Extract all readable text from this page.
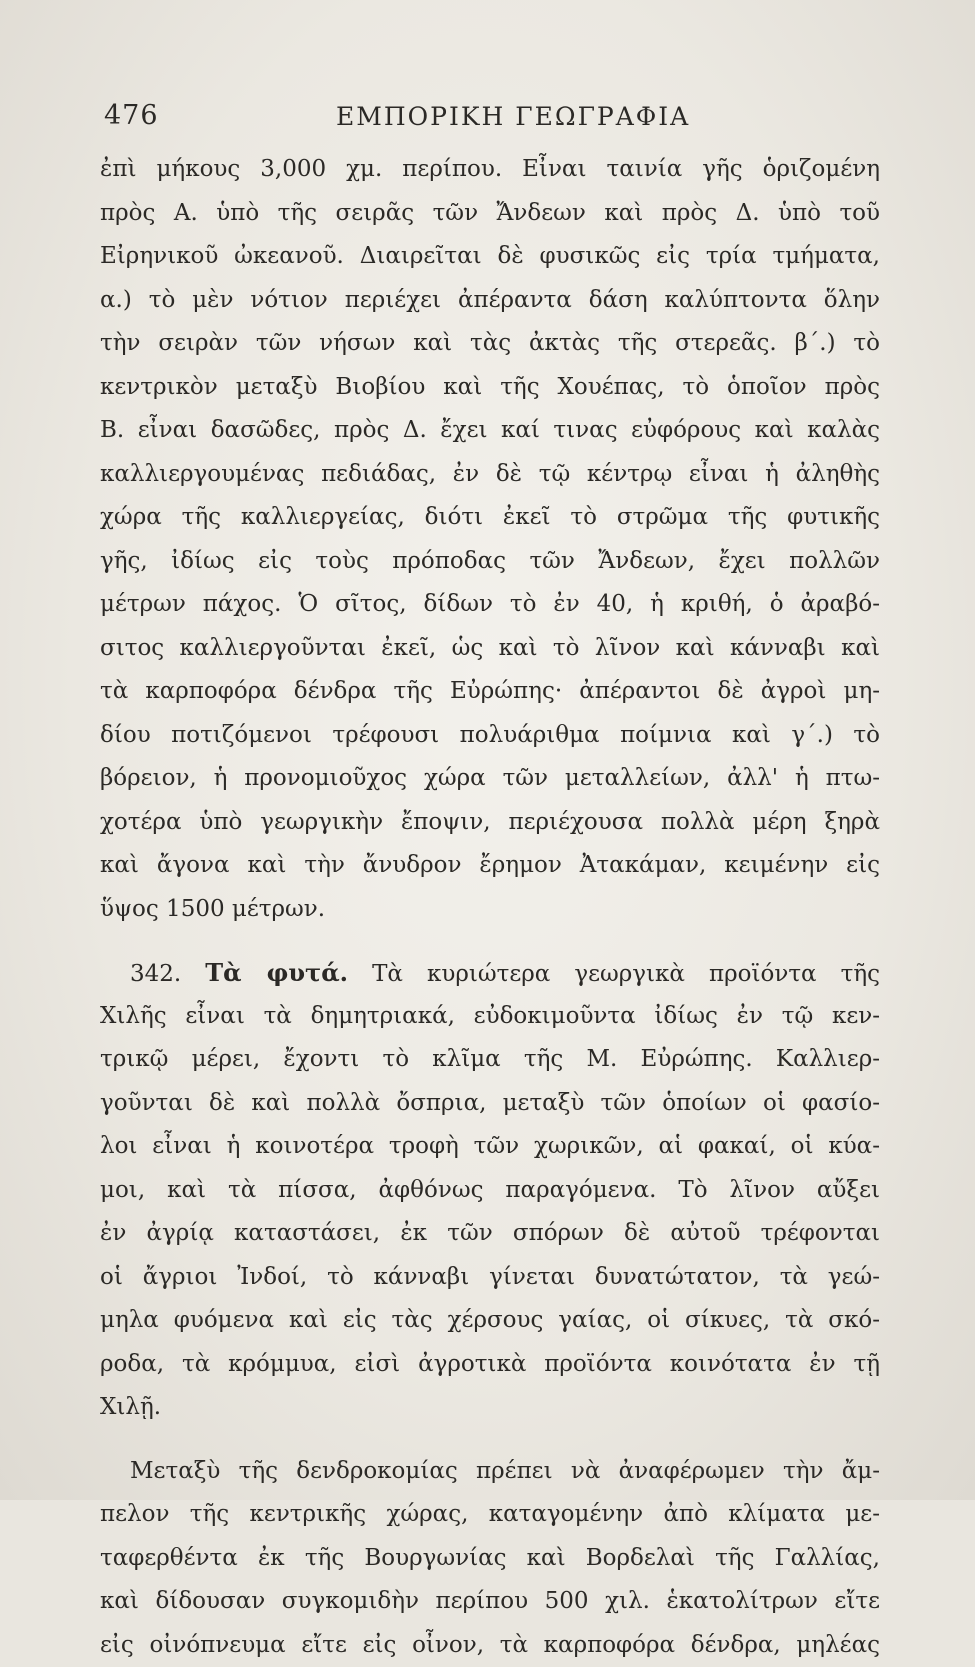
476	ΕΜΠΟΡΙΚΗ ΓΕΩΓΡΑΦΙΑ
ἐπὶ μήκους 3,000 χμ. περίπου. Εἶναι ταινία γῆς ὁριζομένη
πρὸς Α. ὑπὸ τῆς σειρᾶς τῶν Ἄνδεων καὶ πρὸς Δ. ὑπὸ τοῦ
Εἰρηνικοῦ ὠκεανοῦ. Διαιρεῖται δὲ φυσικῶς εἰς τρία τμήματα,
α.) τὸ μὲν νότιον περιέχει ἀπέραντα δάση καλύπτοντα ὅλην
τὴν σειρὰν τῶν νήσων καὶ τὰς ἀκτὰς τῆς στερεᾶς. β΄.) τὸ
κεντρικὸν μεταξὺ Βιοβίου καὶ τῆς Χουέπας, τὸ ὁποῖον πρὸς
Β. εἶναι δασῶδες, πρὸς Δ. ἔχει καί τινας εὐφόρους καὶ καλὰς
καλλιεργουμένας πεδιάδας, ἐν δὲ τῷ κέντρῳ εἶναι ἡ ἀληθὴς
χώρα τῆς καλλιεργείας, διότι ἐκεῖ τὸ στρῶμα τῆς φυτικῆς
γῆς, ἰδίως εἰς τοὺς πρόποδας τῶν Ἄνδεων, ἔχει πολλῶν
μέτρων πάχος. Ὁ σῖτος, δίδων τὸ ἐν 40, ἡ κριθή, ὁ ἀραβό-
σιτος καλλιεργοῦνται ἐκεῖ, ὡς καὶ τὸ λῖνον καὶ κάνναβι καὶ
τὰ καρποφόρα δένδρα τῆς Εὐρώπης· ἀπέραντοι δὲ ἀγροὶ μη-
δίου ποτιζόμενοι τρέφουσι πολυάριθμα ποίμνια καὶ γ΄.) τὸ
βόρειον, ἡ προνομιοῦχος χώρα τῶν μεταλλείων, ἀλλ' ἡ πτω-
χοτέρα ὑπὸ γεωργικὴν ἔποψιν, περιέχουσα πολλὰ μέρη ξηρὰ
καὶ ἄγονα καὶ τὴν ἄνυδρον ἔρημον Ἀτακάμαν, κειμένην εἰς
ὕψος 1500 μέτρων.
342. Τὰ φυτά. Τὰ κυριώτερα γεωργικὰ προϊόντα τῆς
Χιλῆς εἶναι τὰ δημητριακά, εὐδοκιμοῦντα ἰδίως ἐν τῷ κεν-
τρικῷ μέρει, ἔχοντι τὸ κλῖμα τῆς Μ. Εὐρώπης. Καλλιερ-
γοῦνται δὲ καὶ πολλὰ ὄσπρια, μεταξὺ τῶν ὁποίων οἱ φασίο-
λοι εἶναι ἡ κοινοτέρα τροφὴ τῶν χωρικῶν, αἱ φακαί, οἱ κύα-
μοι, καὶ τὰ πίσσα, ἀφθόνως παραγόμενα. Τὸ λῖνον αὔξει
ἐν ἀγρίᾳ καταστάσει, ἐκ τῶν σπόρων δὲ αὐτοῦ τρέφονται
οἱ ἄγριοι Ἰνδοί, τὸ κάνναβι γίνεται δυνατώτατον, τὰ γεώ-
μηλα φυόμενα καὶ εἰς τὰς χέρσους γαίας, οἱ σίκυες, τὰ σκό-
ροδα, τὰ κρόμμυα, εἰσὶ ἀγροτικὰ προϊόντα κοινότατα ἐν τῇ
Χιλῇ.
Μεταξὺ τῆς δενδροκομίας πρέπει νὰ ἀναφέρωμεν τὴν ἄμ-
πελον τῆς κεντρικῆς χώρας, καταγομένην ἀπὸ κλίματα με-
ταφερθέντα ἐκ τῆς Βουργωνίας καὶ Βορδελαὶ τῆς Γαλλίας,
καὶ δίδουσαν συγκομιδὴν περίπου 500 χιλ. ἑκατολίτρων εἴτε
εἰς οἰνόπνευμα εἴτε εἰς οἶνον, τὰ καρποφόρα δένδρα, μηλέας
